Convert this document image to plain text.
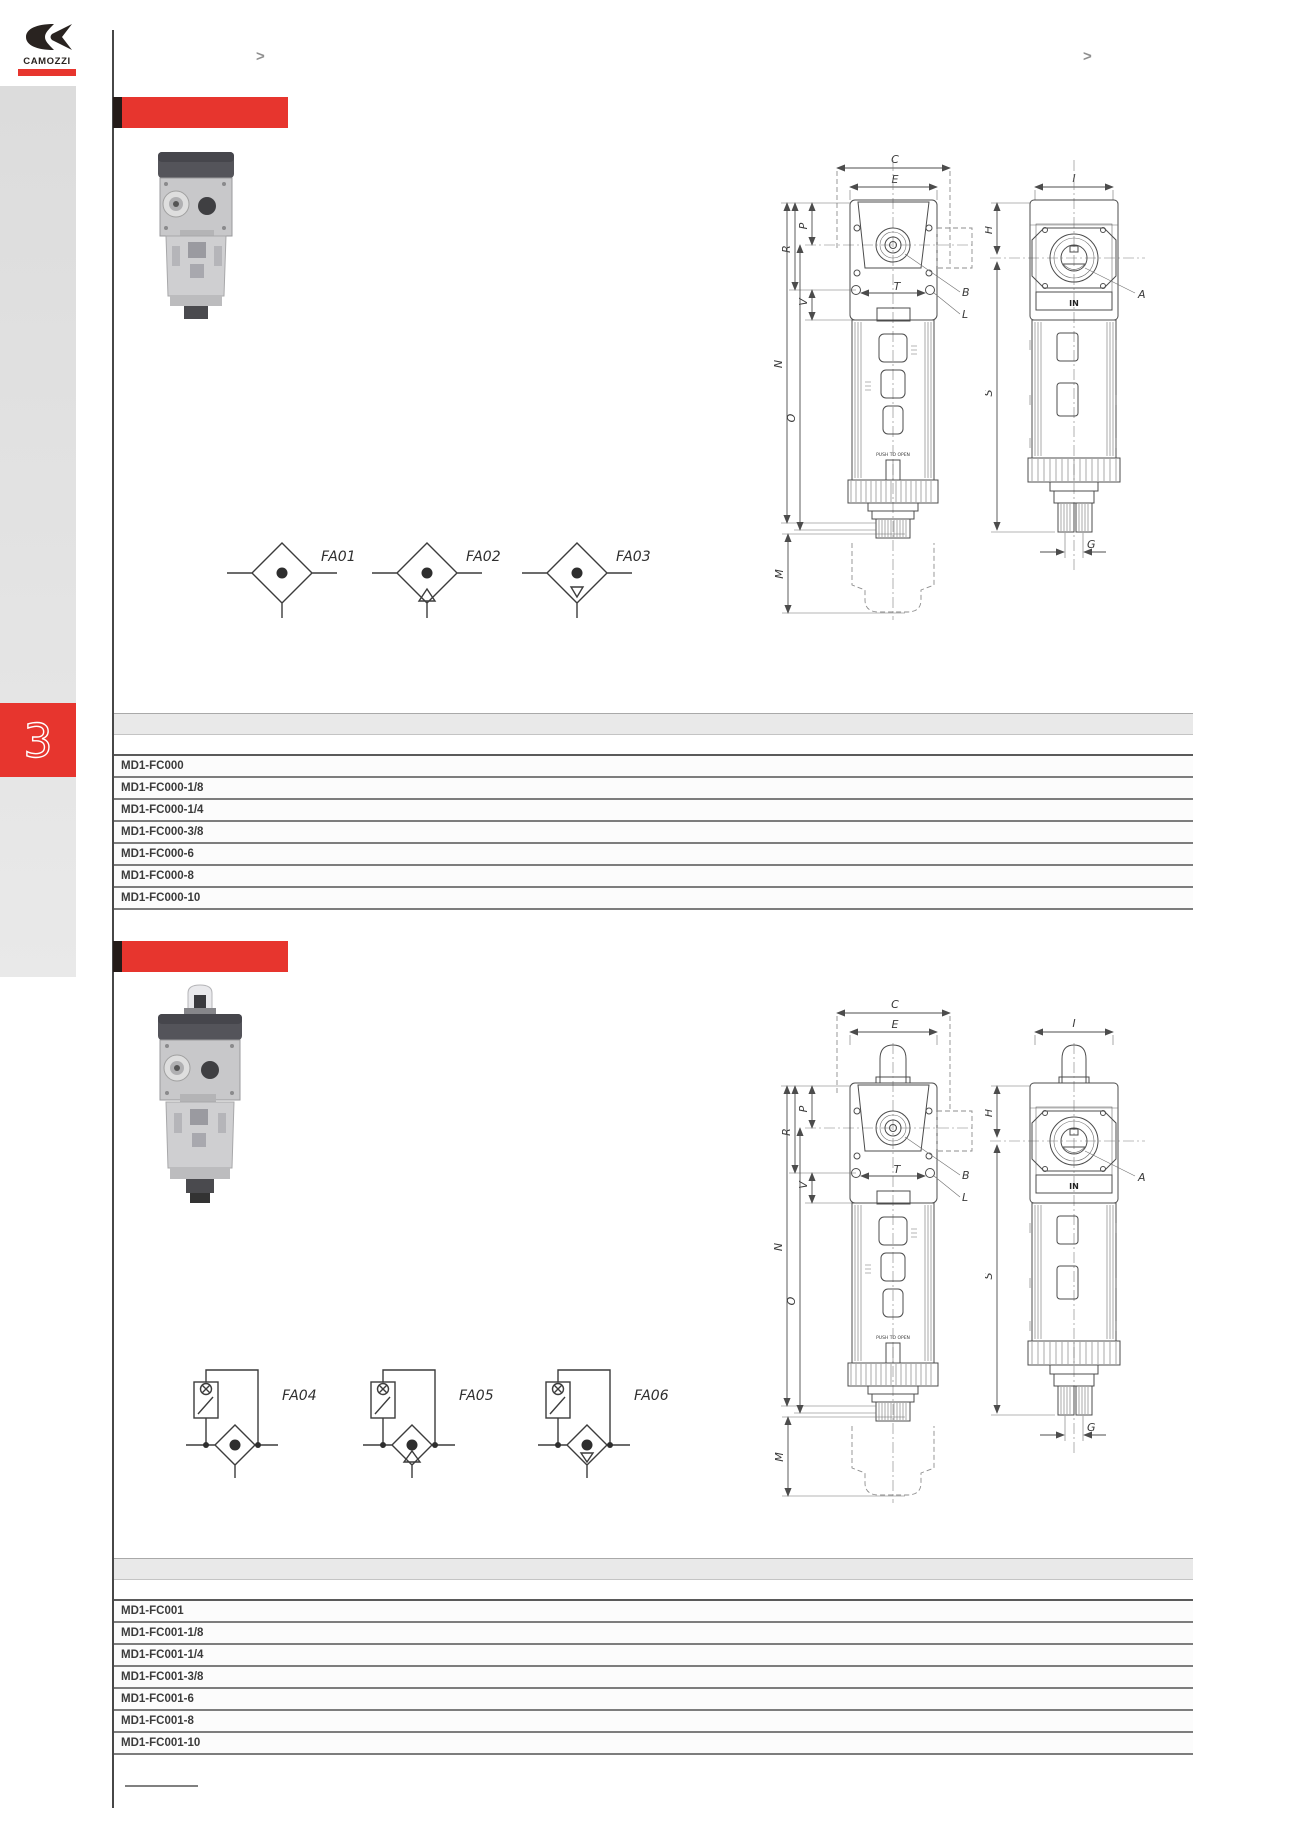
CAMOZZI	>	>
3
FA01	FA02	FA03
MD1-FC000
MD1-FC000-1/8
MD1-FC000-1/4
MD1-FC000-3/8
MD1-FC000-6
MD1-FC000-8
MD1-FC000-10
FA04	FA05	FA06
MD1-FC001
MD1-FC001-1/8
MD1-FC001-1/4
MD1-FC001-3/8
MD1-FC001-6
MD1-FC001-8
MD1-FC001-10
